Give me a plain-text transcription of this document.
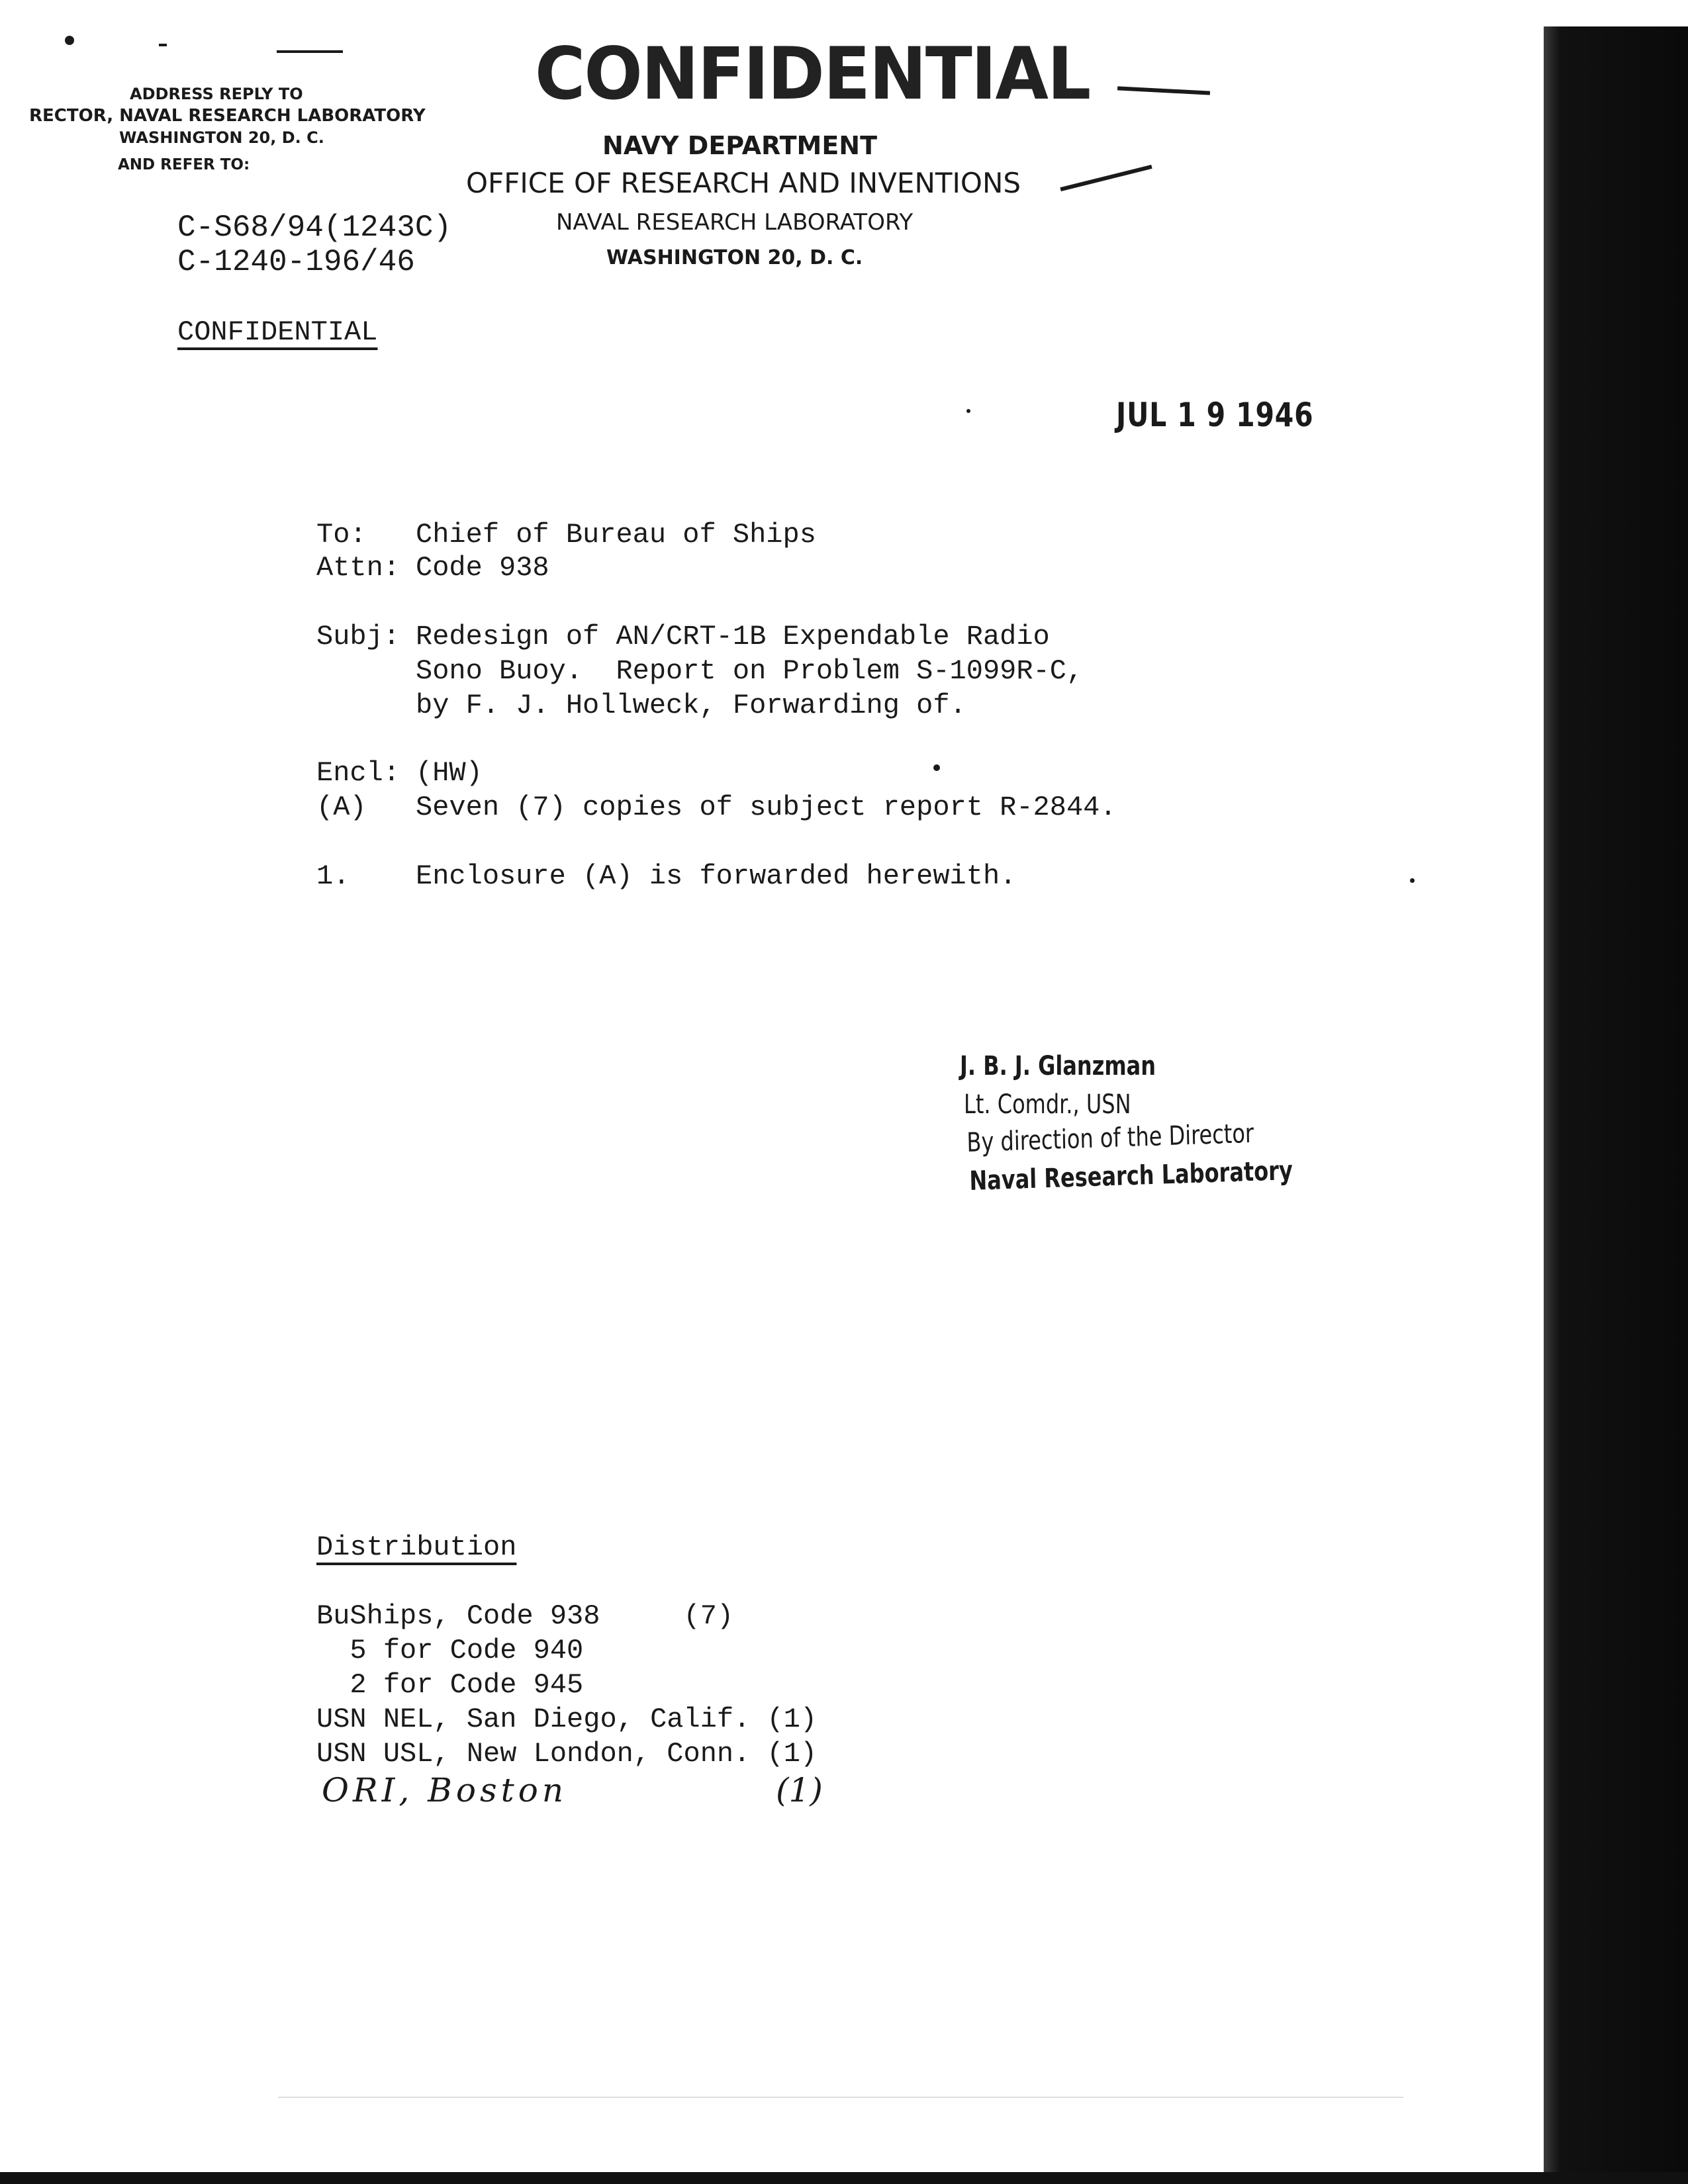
CONFIDENTIAL
ADDRESS REPLY TO
RECTOR, NAVAL RESEARCH LABORATORY
WASHINGTON 20, D. C.
AND REFER TO:
NAVY DEPARTMENT
OFFICE OF RESEARCH AND INVENTIONS
NAVAL RESEARCH LABORATORY
WASHINGTON 20, D. C.
C-S68/94(1243C)
C-1240-196/46
CONFIDENTIAL
JUL 1 9 1946
To: Chief of Bureau of Ships
Attn: Code 938
Subj: Redesign of AN/CRT-1B Expendable Radio
Sono Buoy.  Report on Problem S-1099R-C,
by F. J. Hollweck, Forwarding of.
Encl: (HW)
(A) Seven (7) copies of subject report R-2844.
1. Enclosure (A) is forwarded herewith.
J. B. J. Glanzman
Lt. Comdr., USN
By direction of the Director
Naval Research Laboratory
Distribution
BuShips, Code 938     (7)
5 for Code 940
2 for Code 945
USN NEL, San Diego, Calif. (1)
USN USL, New London, Conn. (1)
ORI, Boston	(1)
